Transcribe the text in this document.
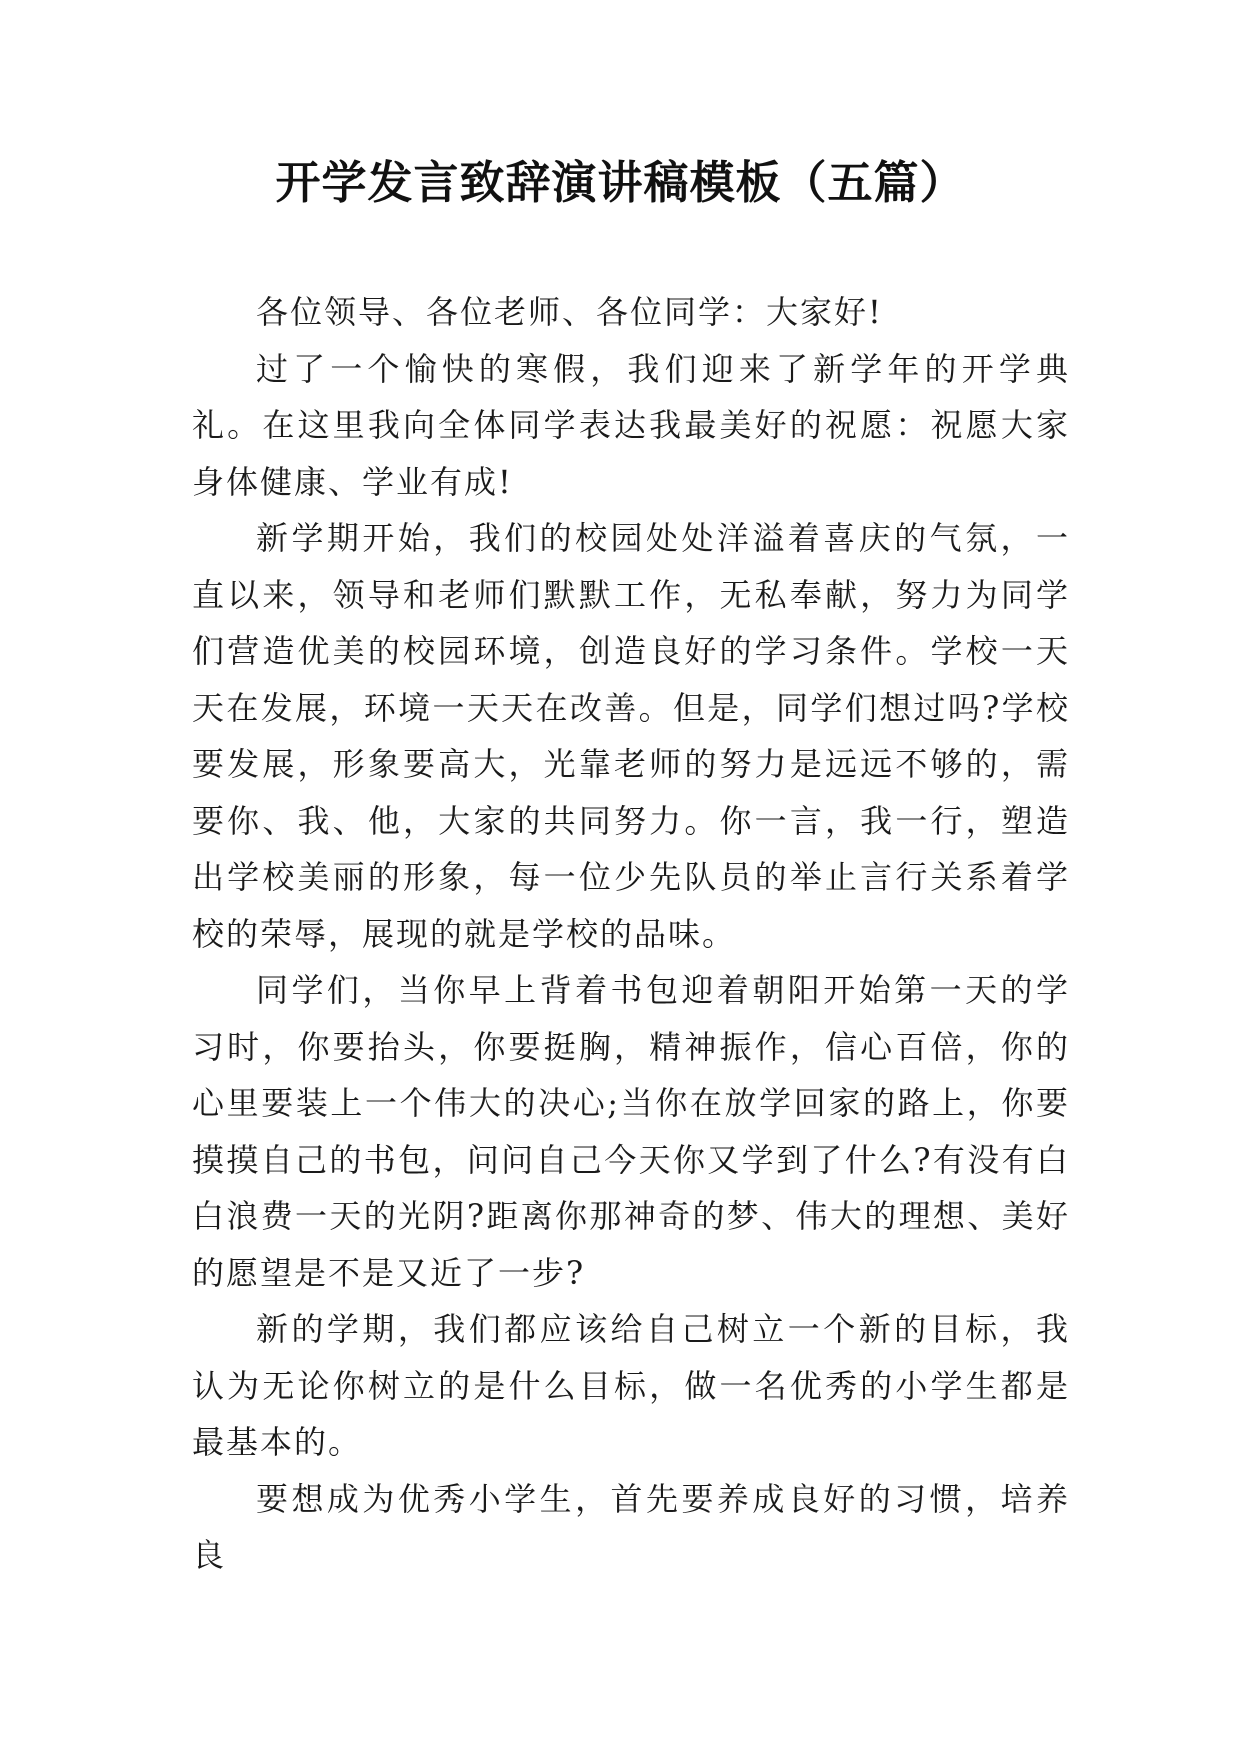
开学发言致辞演讲稿模板（五篇）

各位领导、各位老师、各位同学：大家好!

过了一个愉快的寒假，我们迎来了新学年的开学典礼。在这里我向全体同学表达我最美好的祝愿：祝愿大家身体健康、学业有成!

新学期开始，我们的校园处处洋溢着喜庆的气氛，一直以来，领导和老师们默默工作，无私奉献，努力为同学们营造优美的校园环境，创造良好的学习条件。学校一天天在发展，环境一天天在改善。但是，同学们想过吗?学校要发展，形象要高大，光靠老师的努力是远远不够的，需要你、我、他，大家的共同努力。你一言，我一行，塑造出学校美丽的形象，每一位少先队员的举止言行关系着学校的荣辱，展现的就是学校的品味。

同学们，当你早上背着书包迎着朝阳开始第一天的学习时，你要抬头，你要挺胸，精神振作，信心百倍，你的心里要装上一个伟大的决心;当你在放学回家的路上，你要摸摸自己的书包，问问自己今天你又学到了什么?有没有白白浪费一天的光阴?距离你那神奇的梦、伟大的理想、美好的愿望是不是又近了一步?

新的学期，我们都应该给自己树立一个新的目标，我认为无论你树立的是什么目标，做一名优秀的小学生都是最基本的。

要想成为优秀小学生，首先要养成良好的习惯，培养良
